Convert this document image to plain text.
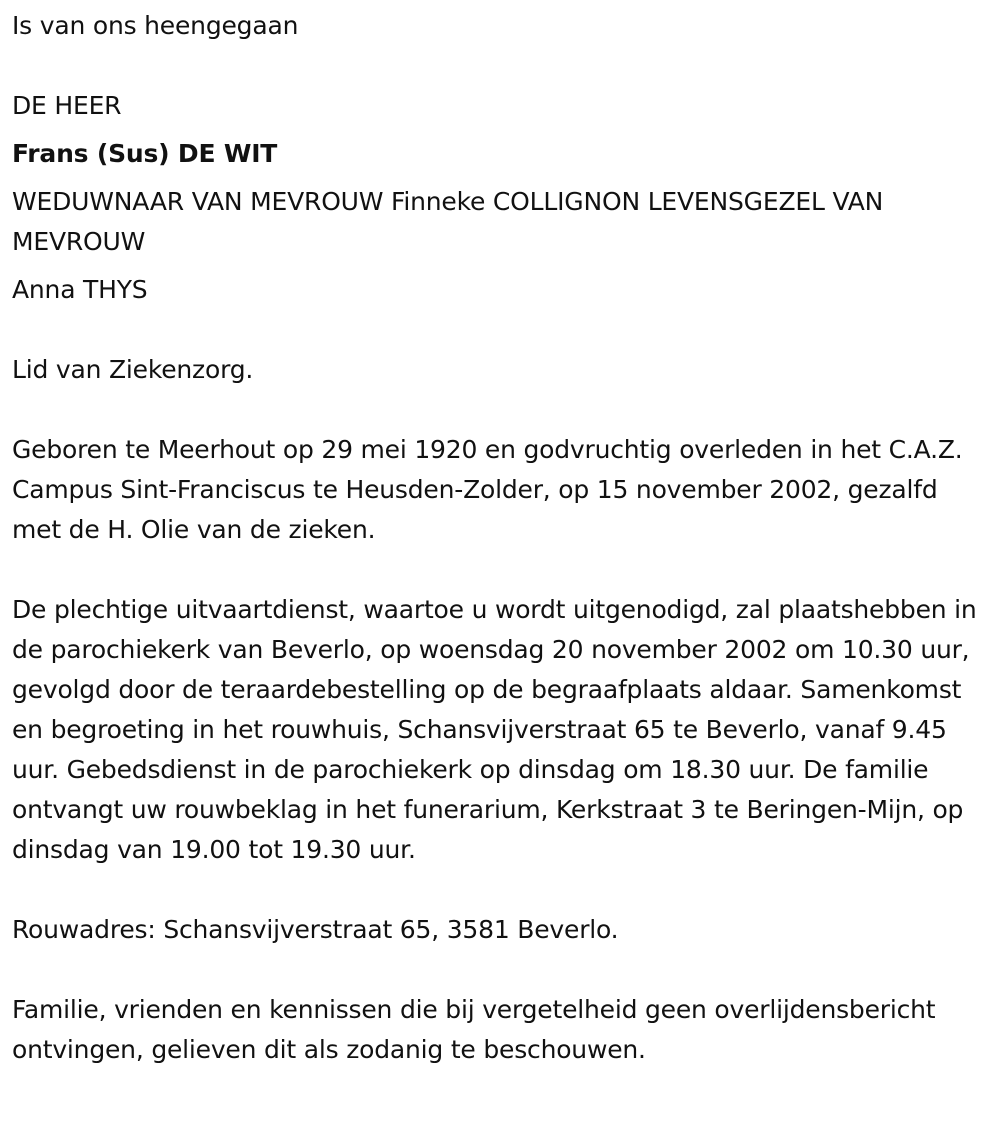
Is van ons heengegaan

DE HEER

Frans (Sus) DE WIT

WEDUWNAAR VAN MEVROUW Finneke COLLIGNON LEVENSGEZEL VAN MEVROUW

Anna THYS

Lid van Ziekenzorg.

Geboren te Meerhout op 29 mei 1920 en godvruchtig overleden in het C.A.Z. Campus Sint-Franciscus te Heusden-Zolder, op 15 november 2002, gezalfd met de H. Olie van de zieken.

De plechtige uitvaartdienst, waartoe u wordt uitgenodigd, zal plaatshebben in de parochiekerk van Beverlo, op woensdag 20 november 2002 om 10.30 uur, gevolgd door de teraardebestelling op de begraafplaats aldaar. Samenkomst en begroeting in het rouwhuis, Schansvijverstraat 65 te Beverlo, vanaf 9.45 uur. Gebedsdienst in de parochiekerk op dinsdag om 18.30 uur. De familie ontvangt uw rouwbeklag in het funerarium, Kerkstraat 3 te Beringen-Mijn, op dinsdag van 19.00 tot 19.30 uur.

Rouwadres: Schansvijverstraat 65, 3581 Beverlo.

Familie, vrienden en kennissen die bij vergetelheid geen overlijdensbericht ontvingen, gelieven dit als zodanig te beschouwen.
